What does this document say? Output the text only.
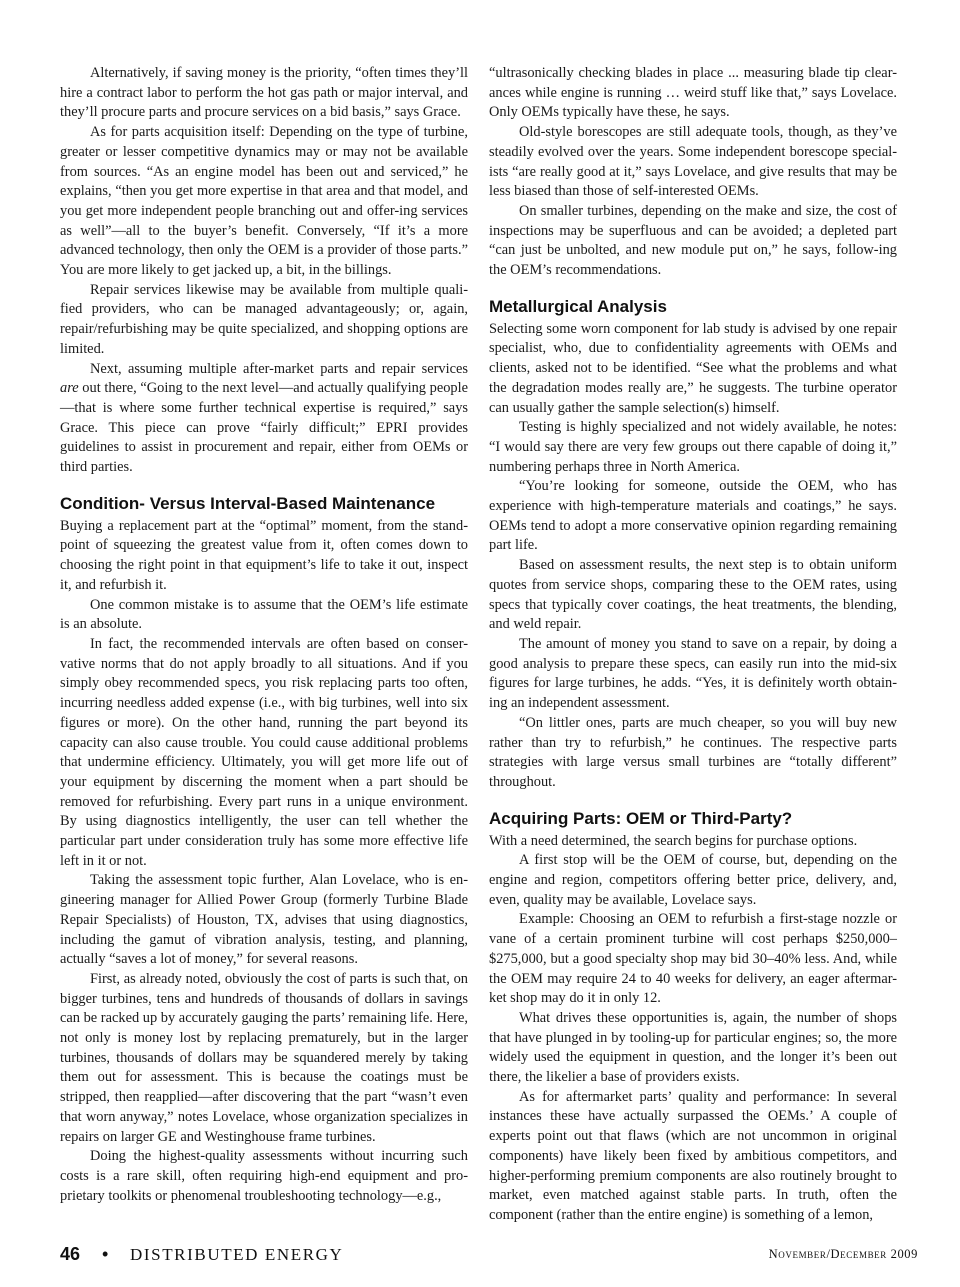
Alternatively, if saving money is the priority, “often times they’ll hire a contract labor to perform the hot gas path or major interval, and they’ll procure parts and procure services on a bid basis,” says Grace.

As for parts acquisition itself: Depending on the type of turbine, greater or lesser competitive dynamics may or may not be available from sources. “As an engine model has been out and serviced,” he explains, “then you get more expertise in that area and that model, and you get more independent people branching out and offer-ing services as well”—all to the buyer’s benefit. Conversely, “If it’s a more advanced technology, then only the OEM is a provider of those parts.” You are more likely to get jacked up, a bit, in the billings.

Repair services likewise may be available from multiple quali-fied providers, who can be managed advantageously; or, again, repair/refurbishing may be quite specialized, and shopping options are limited.

Next, assuming multiple after-market parts and repair services are out there, “Going to the next level—and actually qualifying people—that is where some further technical expertise is required,” says Grace. This piece can prove “fairly difficult;” EPRI provides guidelines to assist in procurement and repair, either from OEMs or third parties.

Condition- Versus Interval-Based Maintenance

Buying a replacement part at the “optimal” moment, from the stand-point of squeezing the greatest value from it, often comes down to choosing the right point in that equipment’s life to take it out, inspect it, and refurbish it.

One common mistake is to assume that the OEM’s life estimate is an absolute.

In fact, the recommended intervals are often based on conser-vative norms that do not apply broadly to all situations. And if you simply obey recommended specs, you risk replacing parts too often, incurring needless added expense (i.e., with big turbines, well into six figures or more). On the other hand, running the part beyond its capacity can also cause trouble. You could cause additional problems that undermine efficiency. Ultimately, you will get more life out of your equipment by discerning the moment when a part should be removed for refurbishing. Every part runs in a unique environment. By using diagnostics intelligently, the user can tell whether the particular part under consideration truly has some more effective life left in it or not.

Taking the assessment topic further, Alan Lovelace, who is en-gineering manager for Allied Power Group (formerly Turbine Blade Repair Specialists) of Houston, TX, advises that using diagnostics, including the gamut of vibration analysis, testing, and planning, actually “saves a lot of money,” for several reasons.

First, as already noted, obviously the cost of parts is such that, on bigger turbines, tens and hundreds of thousands of dollars in savings can be racked up by accurately gauging the parts’ remaining life. Here, not only is money lost by replacing prematurely, but in the larger turbines, thousands of dollars may be squandered merely by taking them out for assessment. This is because the coatings must be stripped, then reapplied—after discovering that the part “wasn’t even that worn anyway,” notes Lovelace, whose organization specializes in repairs on larger GE and Westinghouse frame turbines.

Doing the highest-quality assessments without incurring such costs is a rare skill, often requiring high-end equipment and pro-prietary toolkits or phenomenal troubleshooting technology—e.g.,

“ultrasonically checking blades in place ... measuring blade tip clear-ances while engine is running … weird stuff like that,” says Lovelace. Only OEMs typically have these, he says.

Old-style borescopes are still adequate tools, though, as they’ve steadily evolved over the years. Some independent borescope special-ists “are really good at it,” says Lovelace, and give results that may be less biased than those of self-interested OEMs.

On smaller turbines, depending on the make and size, the cost of inspections may be superfluous and can be avoided; a depleted part “can just be unbolted, and new module put on,” he says, follow-ing the OEM’s recommendations.

Metallurgical Analysis

Selecting some worn component for lab study is advised by one repair specialist, who, due to confidentiality agreements with OEMs and clients, asked not to be identified. “See what the problems and what the degradation modes really are,” he suggests. The turbine operator can usually gather the sample selection(s) himself.

Testing is highly specialized and not widely available, he notes: “I would say there are very few groups out there capable of doing it,” numbering perhaps three in North America.

“You’re looking for someone, outside the OEM, who has experience with high-temperature materials and coatings,” he says. OEMs tend to adopt a more conservative opinion regarding remaining part life.

Based on assessment results, the next step is to obtain uniform quotes from service shops, comparing these to the OEM rates, using specs that typically cover coatings, the heat treatments, the blending, and weld repair.

The amount of money you stand to save on a repair, by doing a good analysis to prepare these specs, can easily run into the mid-six figures for large turbines, he adds. “Yes, it is definitely worth obtain-ing an independent assessment.

“On littler ones, parts are much cheaper, so you will buy new rather than try to refurbish,” he continues. The respective parts strategies with large versus small turbines are “totally different” throughout.

Acquiring Parts: OEM or Third-Party?

With a need determined, the search begins for purchase options.

A first stop will be the OEM of course, but, depending on the engine and region, competitors offering better price, delivery, and, even, quality may be available, Lovelace says.

Example: Choosing an OEM to refurbish a first-stage nozzle or vane of a certain prominent turbine will cost perhaps $250,000–$275,000, but a good specialty shop may bid 30–40% less. And, while the OEM may require 24 to 40 weeks for delivery, an eager aftermar-ket shop may do it in only 12.

What drives these opportunities is, again, the number of shops that have plunged in by tooling-up for particular engines; so, the more widely used the equipment in question, and the longer it’s been out there, the likelier a base of providers exists.

As for aftermarket parts’ quality and performance: In several instances these have actually surpassed the OEMs.’ A couple of experts point out that flaws (which are not uncommon in original components) have likely been fixed by ambitious competitors, and higher-performing premium components are also routinely brought to market, even matched against stable parts. In truth, often the component (rather than the entire engine) is something of a lemon,

46 • DISTRIBUTED ENERGY	November/December 2009
